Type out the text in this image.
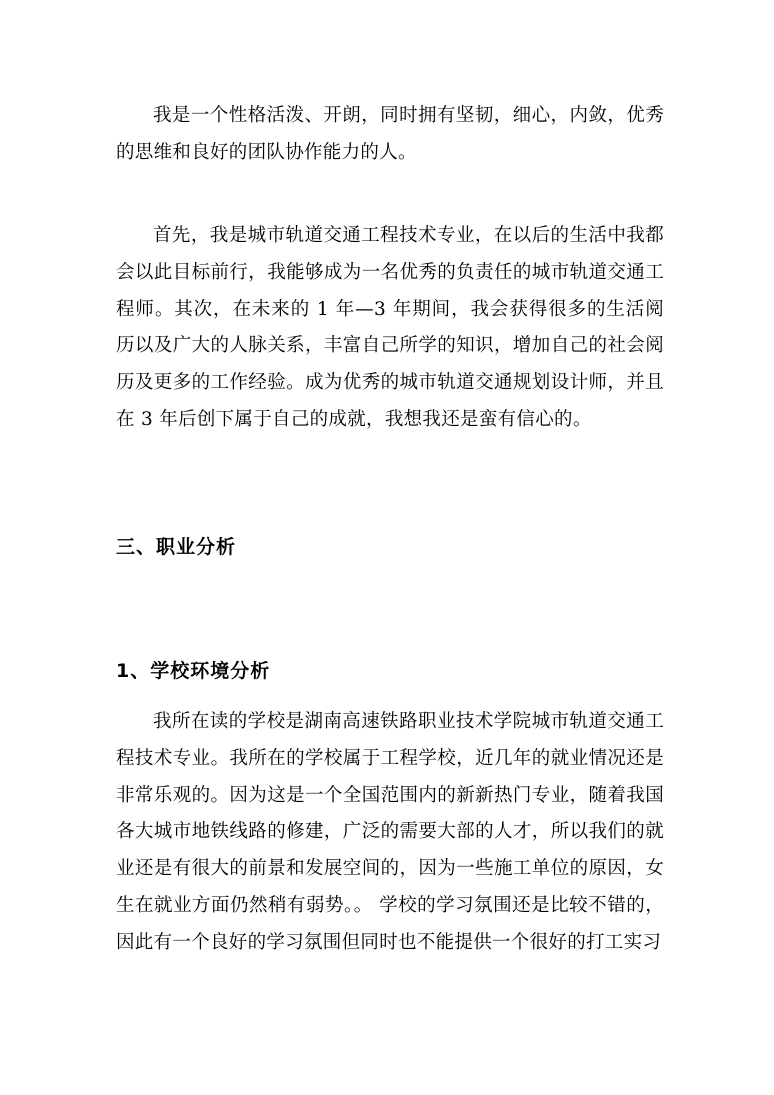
我是一个性格活泼、开朗，同时拥有坚韧，细心，内敛，优秀的思维和良好的团队协作能力的人。

首先，我是城市轨道交通工程技术专业，在以后的生活中我都会以此目标前行，我能够成为一名优秀的负责任的城市轨道交通工程师。其次，在未来的 1 年—3 年期间，我会获得很多的生活阅历以及广大的人脉关系，丰富自己所学的知识，增加自己的社会阅历及更多的工作经验。成为优秀的城市轨道交通规划设计师，并且在 3 年后创下属于自己的成就，我想我还是蛮有信心的。

三、职业分析
1、学校环境分析

我所在读的学校是湖南高速铁路职业技术学院城市轨道交通工程技术专业。我所在的学校属于工程学校，近几年的就业情况还是非常乐观的。因为这是一个全国范围内的新新热门专业，随着我国各大城市地铁线路的修建，广泛的需要大部的人才，所以我们的就业还是有很大的前景和发展空间的，因为一些施工单位的原因，女生在就业方面仍然稍有弱势。。 学校的学习氛围还是比较不错的，因此有一个良好的学习氛围但同时也不能提供一个很好的打工实习
